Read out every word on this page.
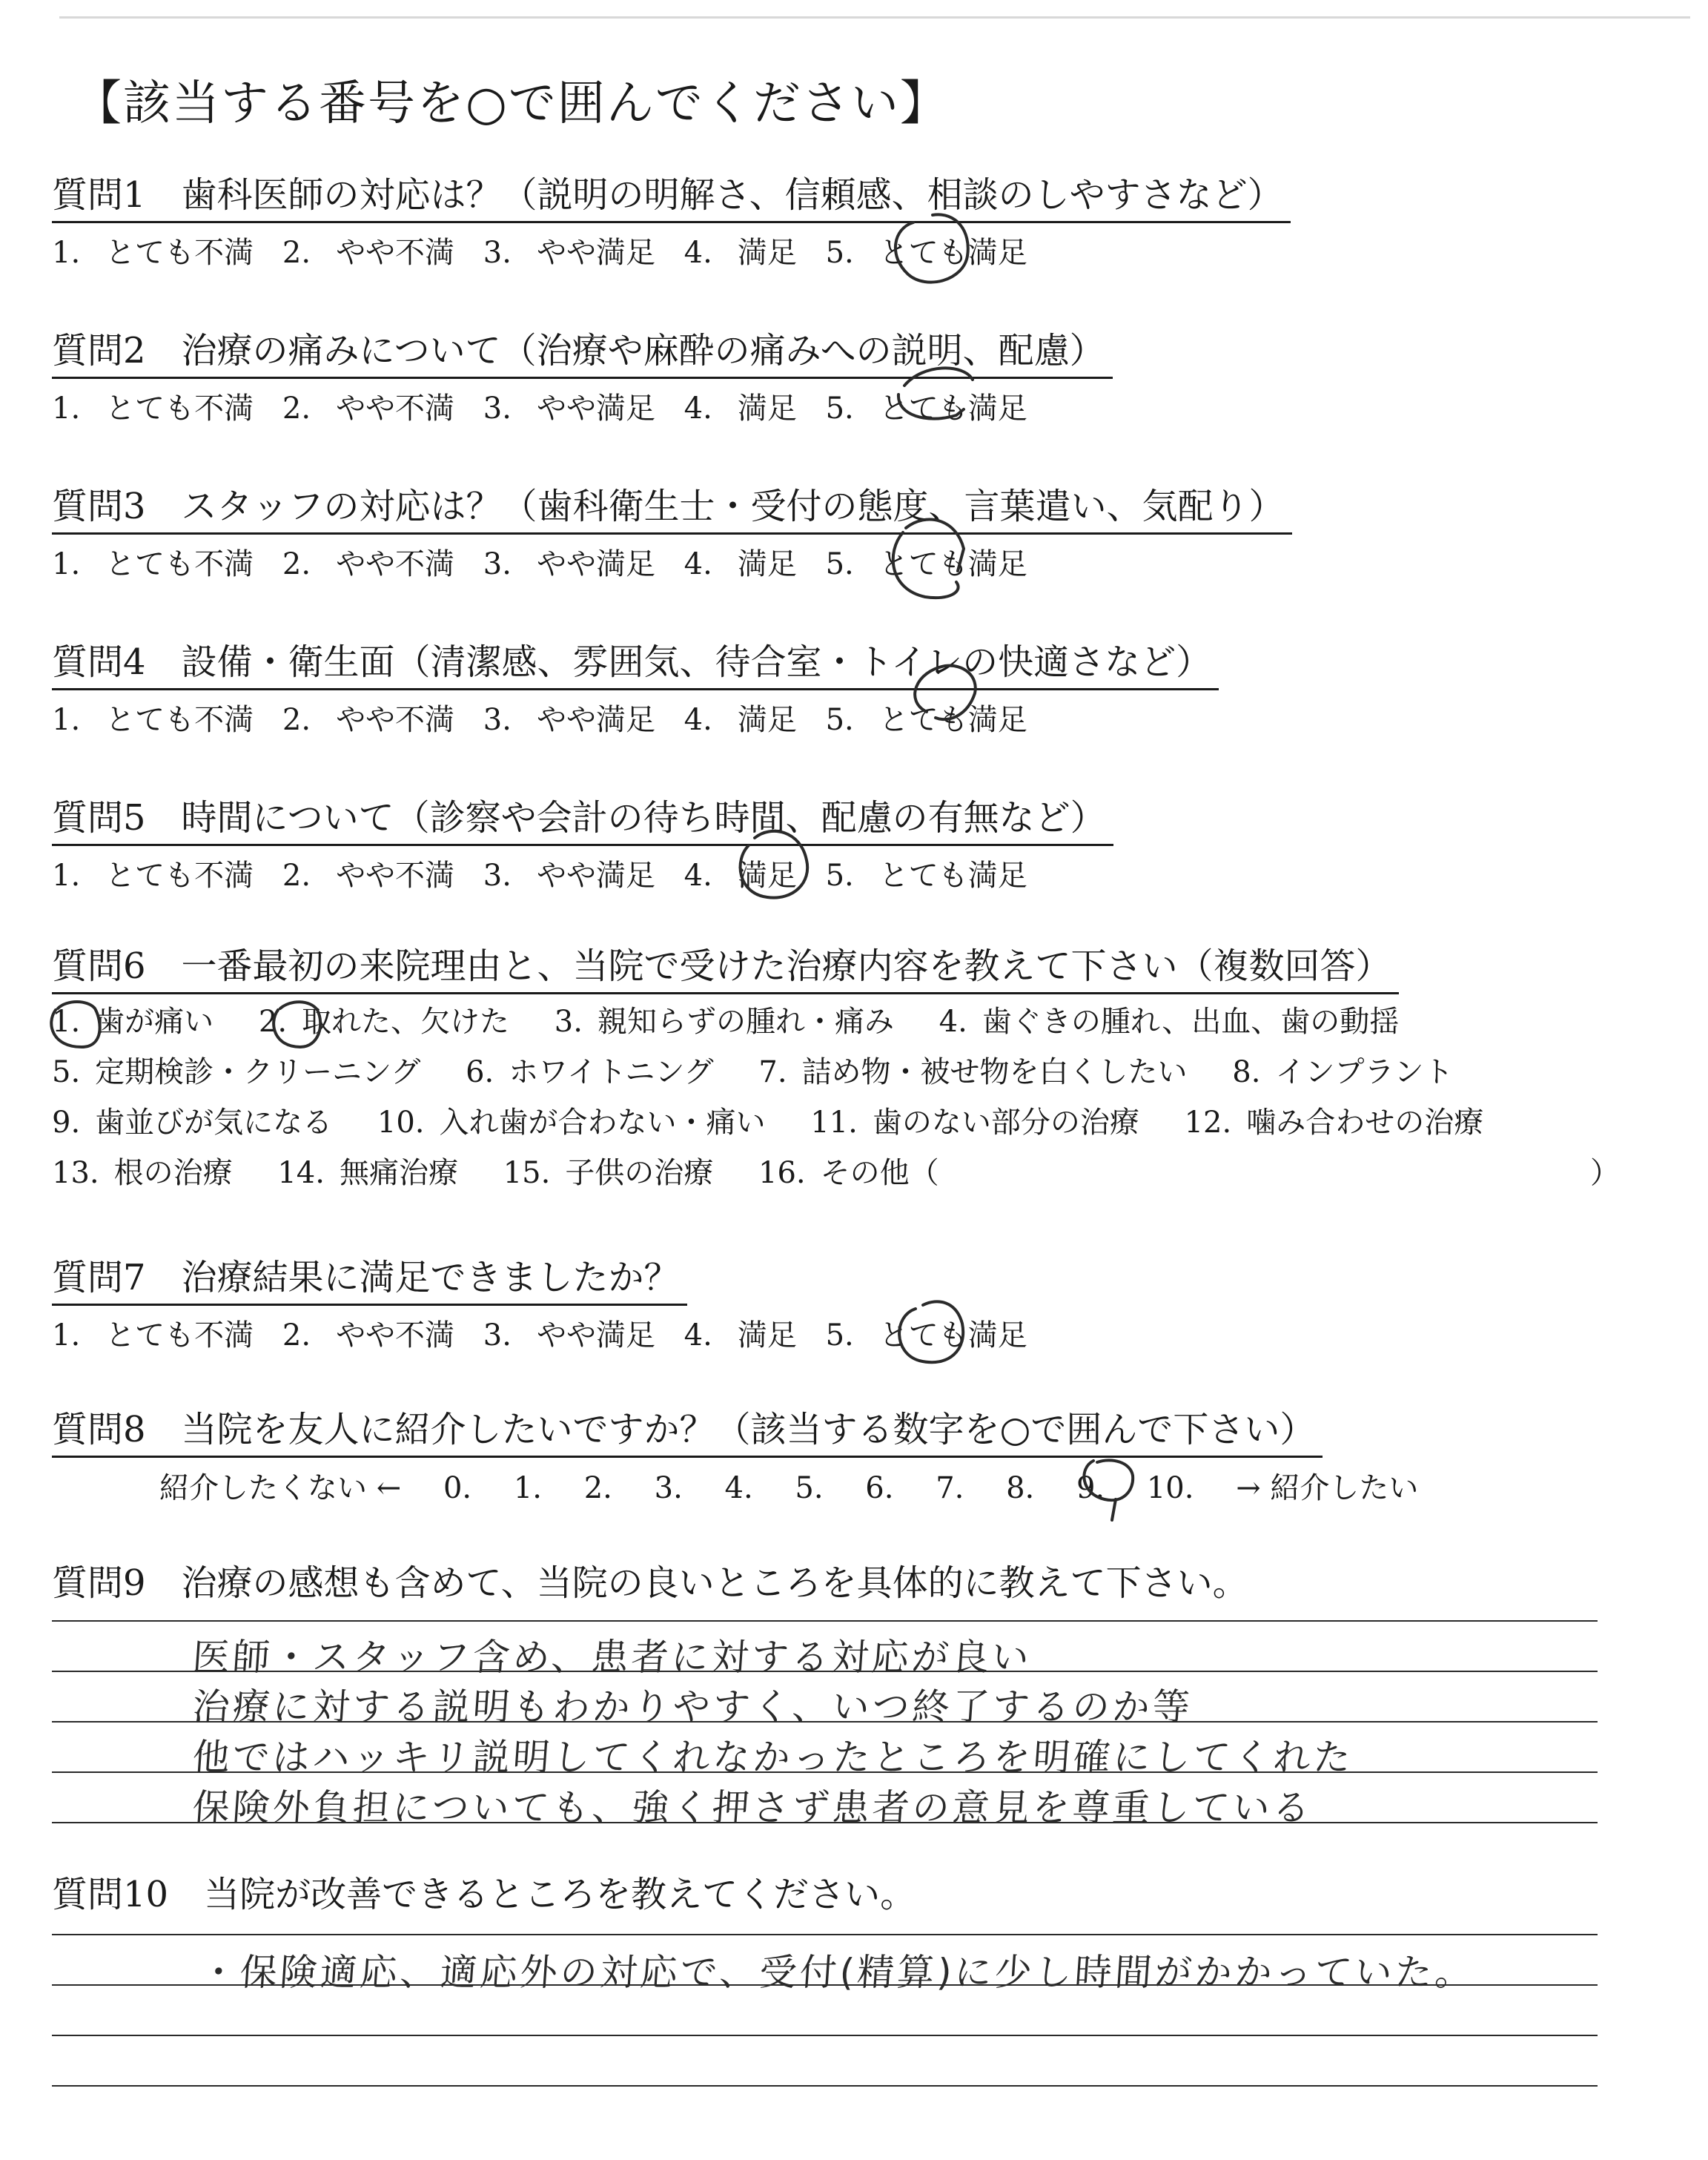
【該当する番号を○で囲んでください】
質問1 歯科医師の対応は？（説明の明解さ、信頼感、相談のしやすさなど）
1. とても不満 2. やや不満 3. やや満足 4. 満足 5. とても満足
質問2 治療の痛みについて（治療や麻酔の痛みへの説明、配慮）
1. とても不満 2. やや不満 3. やや満足 4. 満足 5. とても満足
質問3 スタッフの対応は？（歯科衛生士・受付の態度、言葉遣い、気配り）
1. とても不満 2. やや不満 3. やや満足 4. 満足 5. とても満足
質問4 設備・衛生面（清潔感、雰囲気、待合室・トイレの快適さなど）
1. とても不満 2. やや不満 3. やや満足 4. 満足 5. とても満足
質問5 時間について（診察や会計の待ち時間、配慮の有無など）
1. とても不満 2. やや不満 3. やや満足 4. 満足 5. とても満足
質問6 一番最初の来院理由と、当院で受けた治療内容を教えて下さい（複数回答）
1. 歯が痛い 2. 取れた、欠けた 3. 親知らずの腫れ・痛み 4. 歯ぐきの腫れ、出血、歯の動揺
5. 定期検診・クリーニング 6. ホワイトニング 7. 詰め物・被せ物を白くしたい 8. インプラント
9. 歯並びが気になる 10. 入れ歯が合わない・痛い 11. 歯のない部分の治療 12. 噛み合わせの治療
13. 根の治療 14. 無痛治療 15. 子供の治療 16. その他（	）
質問7 治療結果に満足できましたか？
1. とても不満 2. やや不満 3. やや満足 4. 満足 5. とても満足
質問8 当院を友人に紹介したいですか？（該当する数字を○で囲んで下さい）
紹介したくない ← 0. 1. 2. 3. 4. 5. 6. 7. 8. 9. 10. → 紹介したい
質問9 治療の感想も含めて、当院の良いところを具体的に教えて下さい。
医師・スタッフ含め、患者に対する対応が良い
治療に対する説明もわかりやすく、いつ終了するのか等
他ではハッキリ説明してくれなかったところを明確にしてくれた
保険外負担についても、強く押さず患者の意見を尊重している
質問10 当院が改善できるところを教えてください。
・保険適応、適応外の対応で、受付(精算)に少し時間がかかっていた。
